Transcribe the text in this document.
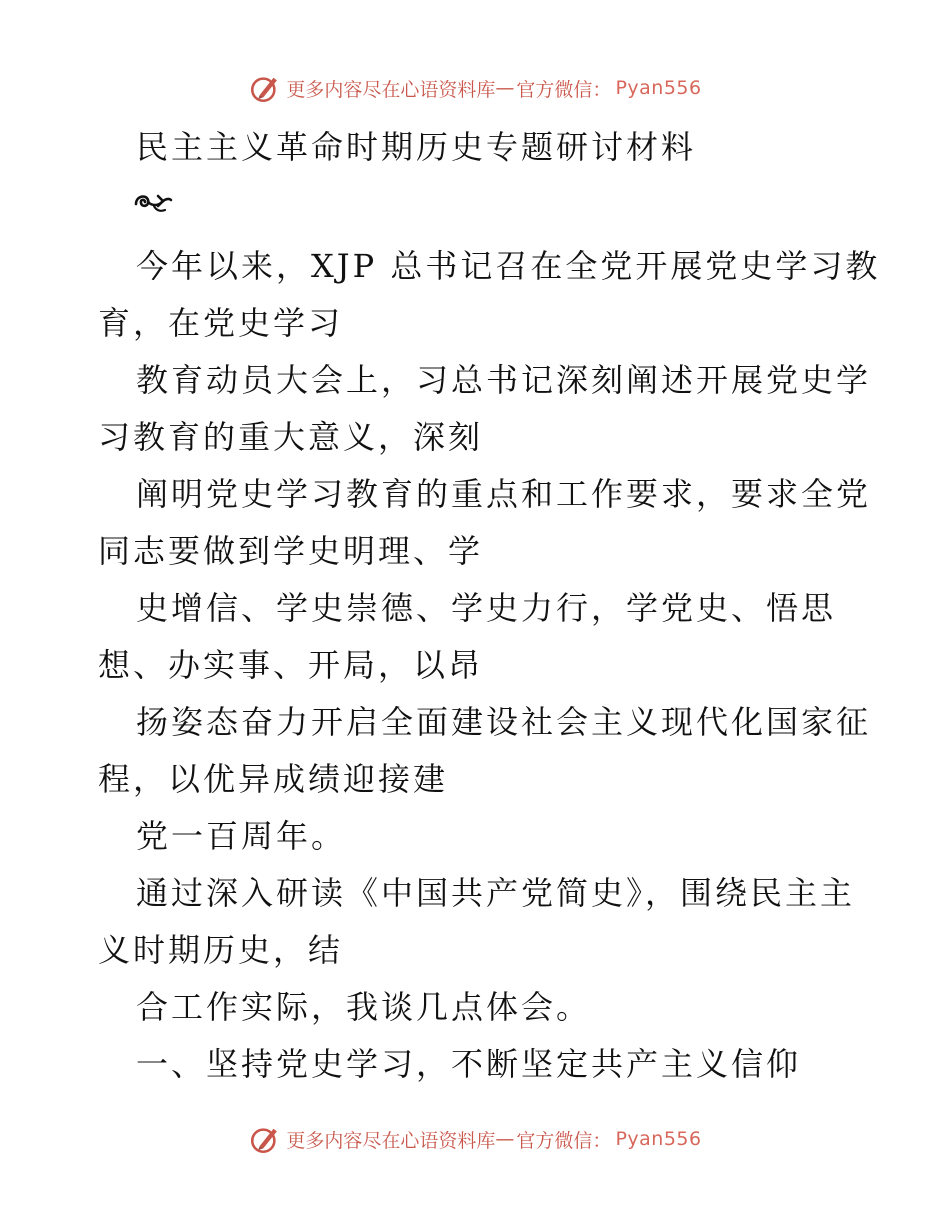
更多内容尽在心语资料库 — 官方微信： Pyan556
民主主义革命时期历史专题研讨材料

今年以来，XJP 总书记召在全党开展党史学习教

育，在党史学习

教育动员大会上，习总书记深刻阐述开展党史学

习教育的重大意义，深刻

阐明党史学习教育的重点和工作要求，要求全党

同志要做到学史明理、学

史增信、学史崇德、学史力行，学党史、悟思

想、办实事、开局，以昂

扬姿态奋力开启全面建设社会主义现代化国家征

程，以优异成绩迎接建

党一百周年。

通过深入研读《中国共产党简史》，围绕民主主

义时期历史，结

合工作实际，我谈几点体会。

一、坚持党史学习，不断坚定共产主义信仰

更多内容尽在心语资料库 — 官方微信： Pyan556
